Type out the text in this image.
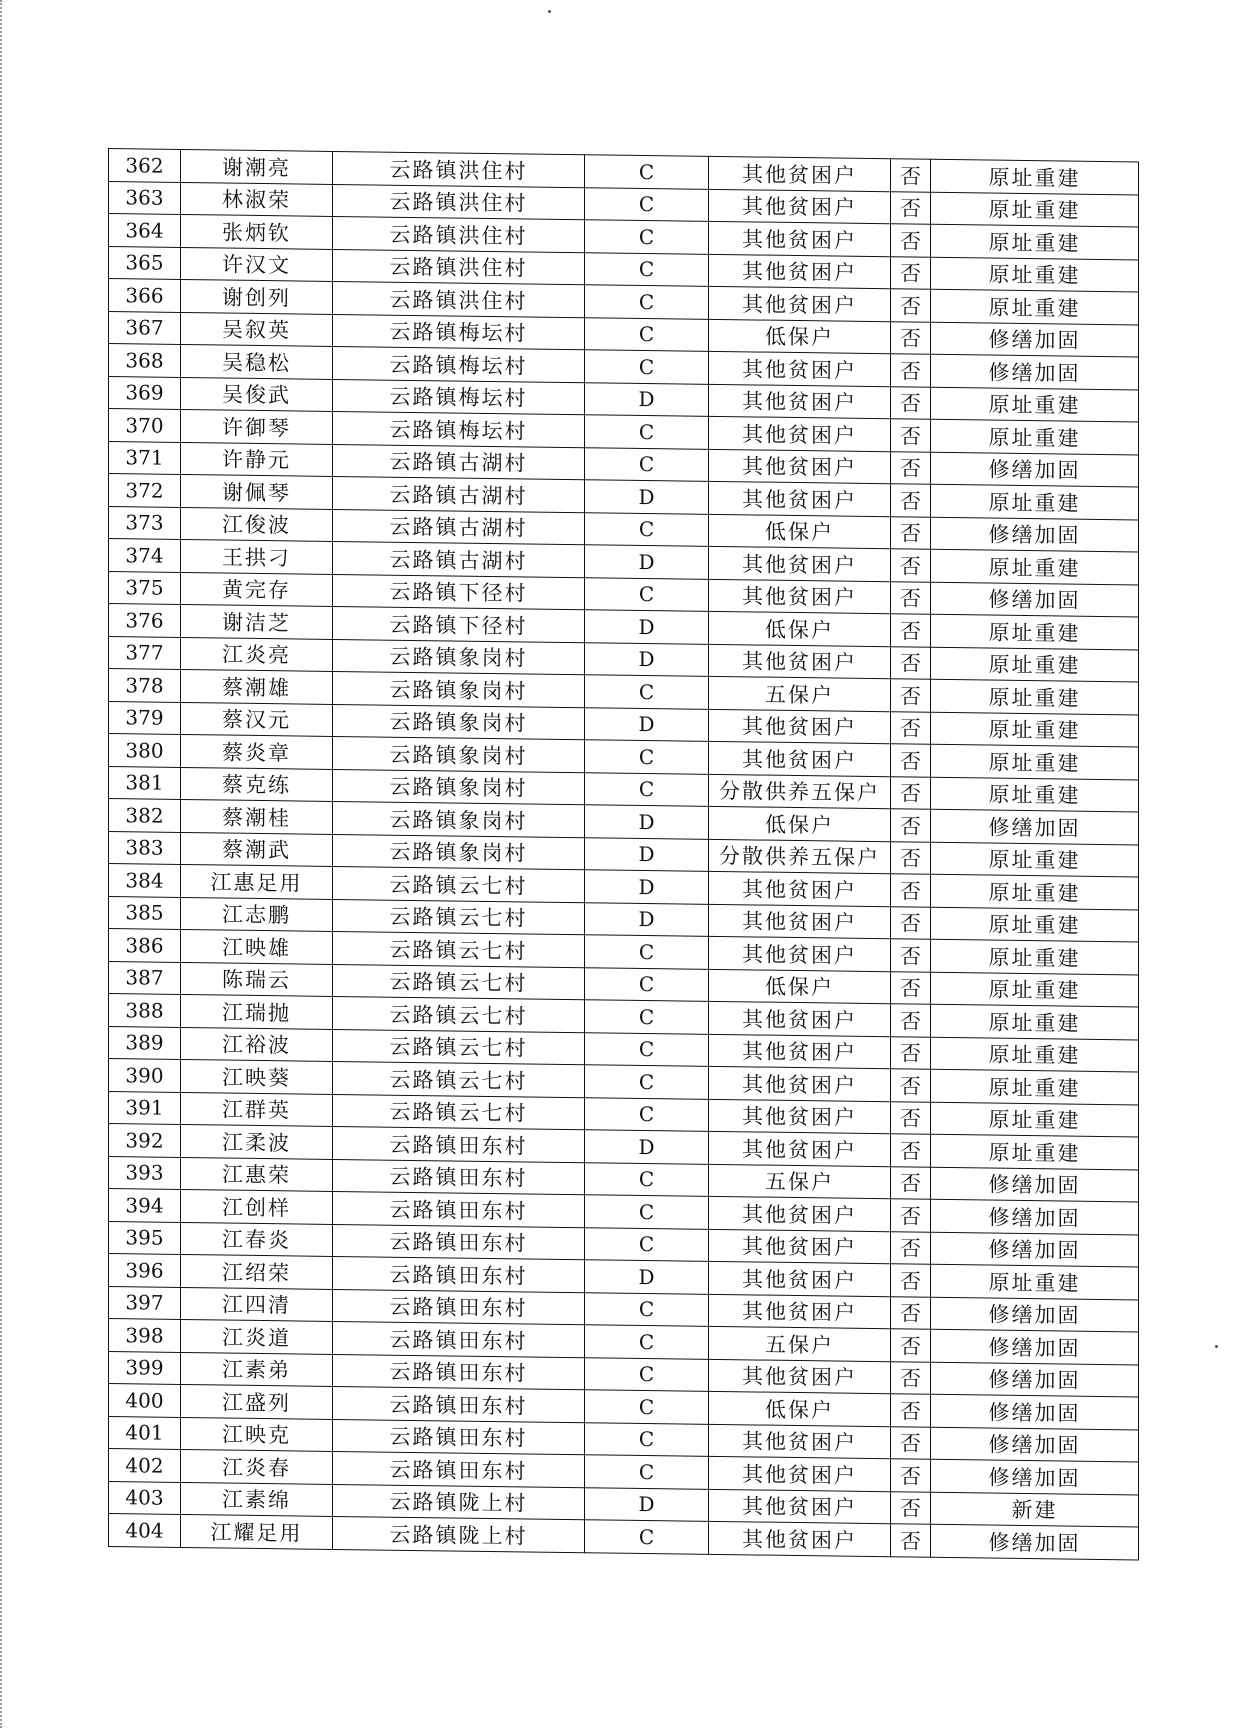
362	谢潮亮	云路镇洪住村	C	其他贫困户	否	原址重建
363	林淑荣	云路镇洪住村	C	其他贫困户	否	原址重建
364	张炳钦	云路镇洪住村	C	其他贫困户	否	原址重建
365	许汉文	云路镇洪住村	C	其他贫困户	否	原址重建
366	谢创列	云路镇洪住村	C	其他贫困户	否	原址重建
367	吴叙英	云路镇梅坛村	C	低保户	否	修缮加固
368	吴稳松	云路镇梅坛村	C	其他贫困户	否	修缮加固
369	吴俊武	云路镇梅坛村	D	其他贫困户	否	原址重建
370	许御琴	云路镇梅坛村	C	其他贫困户	否	原址重建
371	许静元	云路镇古湖村	C	其他贫困户	否	修缮加固
372	谢佩琴	云路镇古湖村	D	其他贫困户	否	原址重建
373	江俊波	云路镇古湖村	C	低保户	否	修缮加固
374	王拱刁	云路镇古湖村	D	其他贫困户	否	原址重建
375	黄完存	云路镇下径村	C	其他贫困户	否	修缮加固
376	谢洁芝	云路镇下径村	D	低保户	否	原址重建
377	江炎亮	云路镇象岗村	D	其他贫困户	否	原址重建
378	蔡潮雄	云路镇象岗村	C	五保户	否	原址重建
379	蔡汉元	云路镇象岗村	D	其他贫困户	否	原址重建
380	蔡炎章	云路镇象岗村	C	其他贫困户	否	原址重建
381	蔡克练	云路镇象岗村	C	分散供养五保户	否	原址重建
382	蔡潮桂	云路镇象岗村	D	低保户	否	修缮加固
383	蔡潮武	云路镇象岗村	D	分散供养五保户	否	原址重建
384	江惠足用	云路镇云七村	D	其他贫困户	否	原址重建
385	江志鹏	云路镇云七村	D	其他贫困户	否	原址重建
386	江映雄	云路镇云七村	C	其他贫困户	否	原址重建
387	陈瑞云	云路镇云七村	C	低保户	否	原址重建
388	江瑞抛	云路镇云七村	C	其他贫困户	否	原址重建
389	江裕波	云路镇云七村	C	其他贫困户	否	原址重建
390	江映葵	云路镇云七村	C	其他贫困户	否	原址重建
391	江群英	云路镇云七村	C	其他贫困户	否	原址重建
392	江柔波	云路镇田东村	D	其他贫困户	否	原址重建
393	江惠荣	云路镇田东村	C	五保户	否	修缮加固
394	江创样	云路镇田东村	C	其他贫困户	否	修缮加固
395	江春炎	云路镇田东村	C	其他贫困户	否	修缮加固
396	江绍荣	云路镇田东村	D	其他贫困户	否	原址重建
397	江四清	云路镇田东村	C	其他贫困户	否	修缮加固
398	江炎道	云路镇田东村	C	五保户	否	修缮加固
399	江素弟	云路镇田东村	C	其他贫困户	否	修缮加固
400	江盛列	云路镇田东村	C	低保户	否	修缮加固
401	江映克	云路镇田东村	C	其他贫困户	否	修缮加固
402	江炎春	云路镇田东村	C	其他贫困户	否	修缮加固
403	江素绵	云路镇陇上村	D	其他贫困户	否	新建
404	江耀足用	云路镇陇上村	C	其他贫困户	否	修缮加固
